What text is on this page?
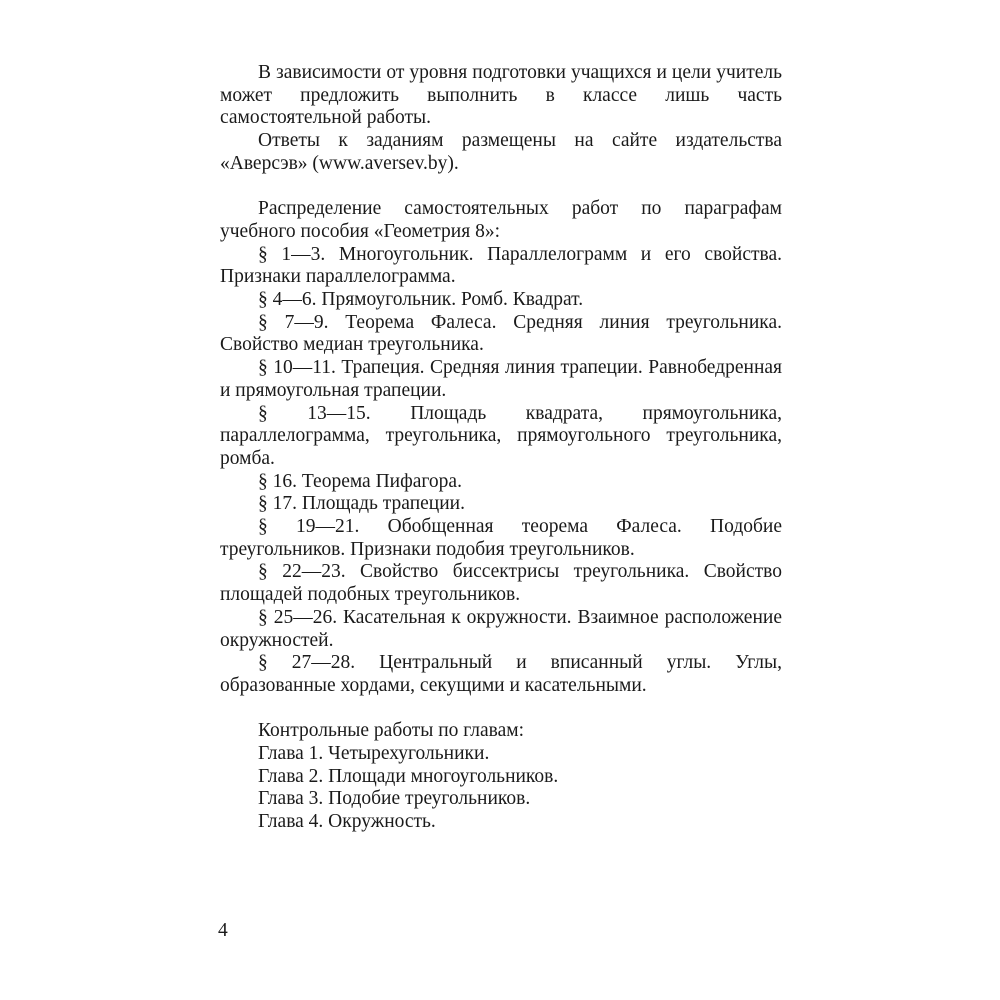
В зависимости от уровня подготовки учащихся и цели учитель может предложить выполнить в классе лишь часть самостоятельной работы.

Ответы к заданиям размещены на сайте издательства «Аверсэв» (www.aversev.by).

Распределение самостоятельных работ по параграфам учебного пособия «Геометрия 8»:

§ 1—3. Многоугольник. Параллелограмм и его свойства. Признаки параллелограмма.

§ 4—6. Прямоугольник. Ромб. Квадрат.

§ 7—9. Теорема Фалеса. Средняя линия треугольника. Свойство медиан треугольника.

§ 10—11. Трапеция. Средняя линия трапеции. Равнобедренная и прямоугольная трапеции.

§ 13—15. Площадь квадрата, прямоугольника, параллелограмма, треугольника, прямоугольного треугольника, ромба.

§ 16. Теорема Пифагора.

§ 17. Площадь трапеции.

§ 19—21. Обобщенная теорема Фалеса. Подобие треугольников. Признаки подобия треугольников.

§ 22—23. Свойство биссектрисы треугольника. Свойство площадей подобных треугольников.

§ 25—26. Касательная к окружности. Взаимное расположение окружностей.

§ 27—28. Центральный и вписанный углы. Углы, образованные хордами, секущими и касательными.

Контрольные работы по главам:

Глава 1. Четырехугольники.

Глава 2. Площади многоугольников.

Глава 3. Подобие треугольников.

Глава 4. Окружность.

4
